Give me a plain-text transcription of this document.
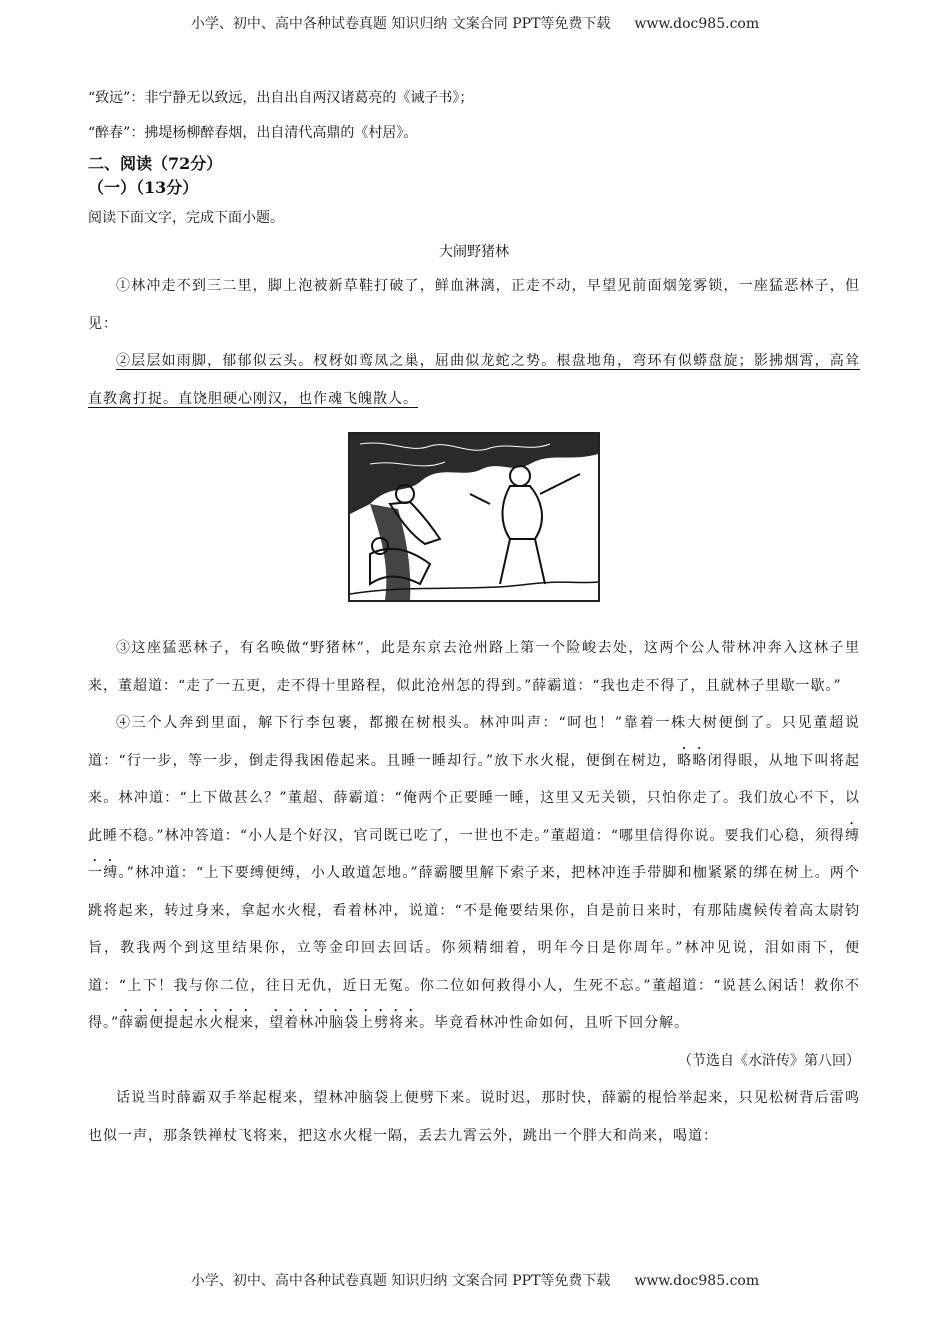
小学、初中、高中各种试卷真题 知识归纳 文案合同 PPT等免费下载 www.doc985.com

“致远”：非宁静无以致远，出自出自两汉诸葛亮的《诫子书》；

“醉春”：拂堤杨柳醉春烟，出自清代高鼎的《村居》。

二、阅读（72分）

（一）（13分）

阅读下面文字，完成下面小题。

大闹野猪林

①林冲走不到三二里，脚上泡被新草鞋打破了，鲜血淋漓，正走不动，早望见前面烟笼雾锁，一座猛恶林子，但见：

②层层如雨脚，郁郁似云头。杈枒如鸾凤之巢，屈曲似龙蛇之势。根盘地角，弯环有似蟒盘旋；影拂烟霄，高耸直教禽打捉。直饶胆硬心刚汉，也作魂飞魄散人。

③这座猛恶林子，有名唤做“野猪林”，此是东京去沧州路上第一个险峻去处，这两个公人带林冲奔入这林子里来，董超道：“走了一五更，走不得十里路程，似此沧州怎的得到。”薛霸道：“我也走不得了，且就林子里歇一歇。”

④三个人奔到里面，解下行李包裹，都搬在树根头。林冲叫声：“呵也！”靠着一株大树便倒了。只见董超说道：“行一步，等一步，倒走得我困倦起来。且睡一睡却行。”放下水火棍，便倒在树边，略略闭得眼，从地下叫将起来。林冲道：“上下做甚么？”董超、薛霸道：“俺两个正要睡一睡，这里又无关锁，只怕你走了。我们放心不下，以此睡不稳。”林冲答道：“小人是个好汉，官司既已吃了，一世也不走。”董超道：“哪里信得你说。要我们心稳，须得缚一缚。”林冲道：“上下要缚便缚，小人敢道怎地。”薛霸腰里解下索子来，把林冲连手带脚和枷紧紧的绑在树上。两个跳将起来，转过身来，拿起水火棍，看着林冲，说道：“不是俺要结果你，自是前日来时，有那陆虞候传着高太尉钧旨，教我两个到这里结果你，立等金印回去回话。你须精细着，明年今日是你周年。”林冲见说，泪如雨下，便道：“上下！我与你二位，往日无仇，近日无冤。你二位如何救得小人，生死不忘。”董超道：“说甚么闲话！救你不得。”薛霸便提起水火棍来，望着林冲脑袋上劈将来。毕竟看林冲性命如何，且听下回分解。

（节选自《水浒传》第八回）

话说当时薛霸双手举起棍来，望林冲脑袋上便劈下来。说时迟，那时快，薛霸的棍恰举起来，只见松树背后雷鸣也似一声，那条铁禅杖飞将来，把这水火棍一隔，丢去九霄云外，跳出一个胖大和尚来，喝道：

小学、初中、高中各种试卷真题 知识归纳 文案合同 PPT等免费下载 www.doc985.com
